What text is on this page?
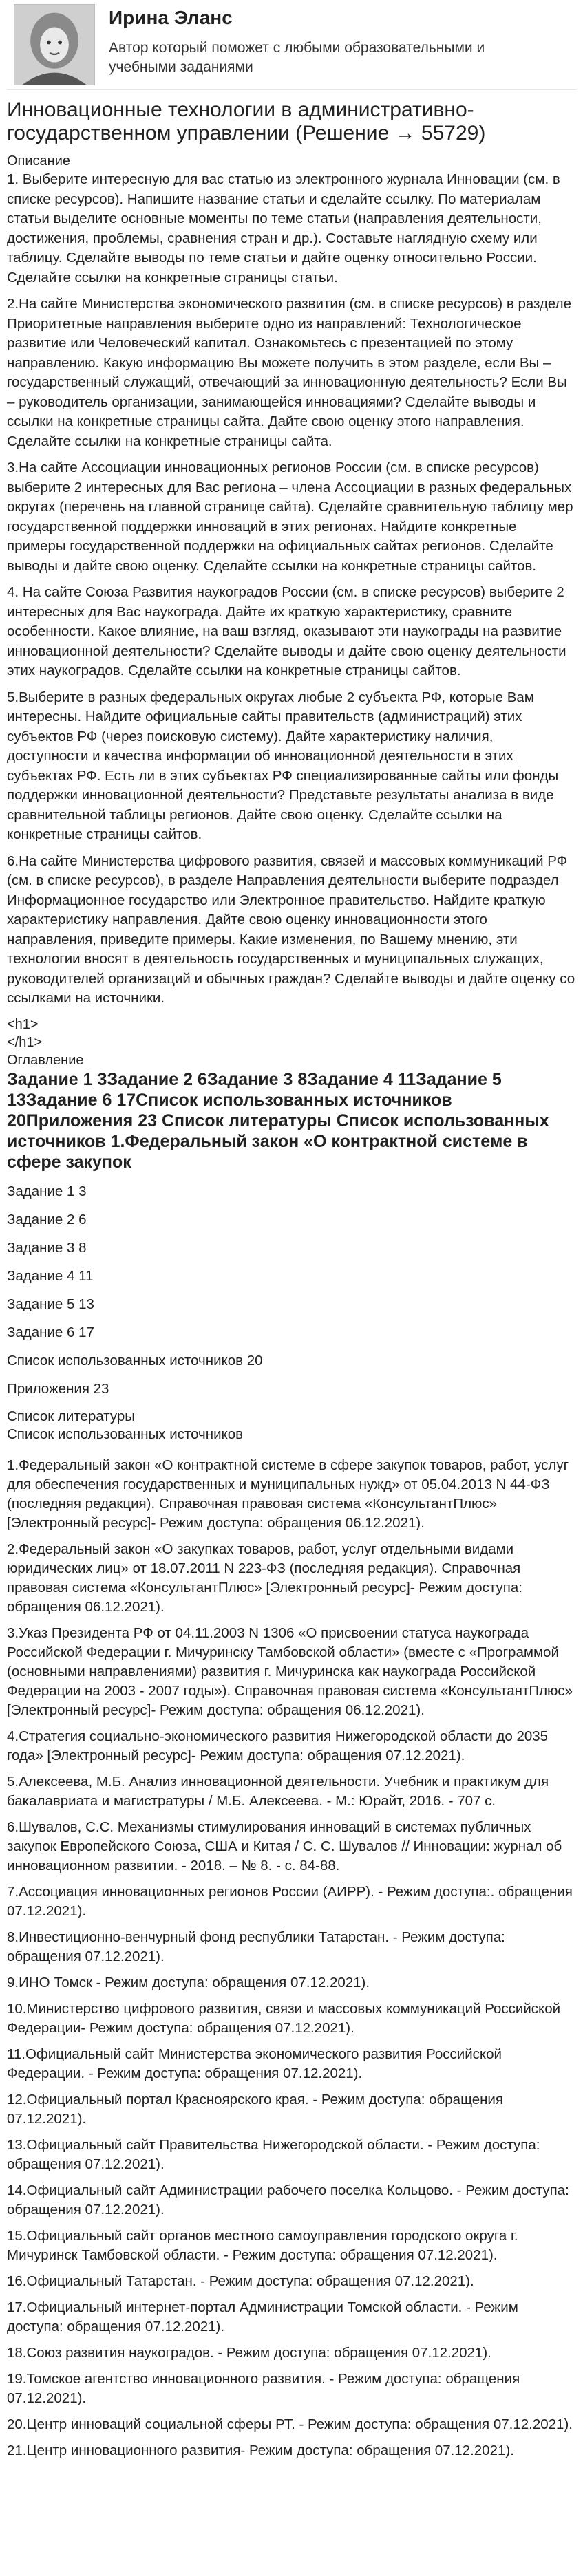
Ирина Эланс
Автор который поможет с любыми образовательными и учебными заданиями
Инновационные технологии в административно-государственном управлении (Решение → 55729)
Описание

1. Выберите интересную для вас статью из электронного журнала Инновации (см. в списке ресурсов). Напишите название статьи и сделайте ссылку. По материалам статьи выделите основные моменты по теме статьи (направления деятельности, достижения, проблемы, сравнения стран и др.). Составьте наглядную схему или таблицу. Сделайте выводы по теме статьи и дайте оценку относительно России. Сделайте ссылки на конкретные страницы статьи.

2.На сайте Министерства экономического развития (см. в списке ресурсов) в разделе Приоритетные направления выберите одно из направлений: Технологическое развитие или Человеческий капитал. Ознакомьтесь с презентацией по этому направлению. Какую информацию Вы можете получить в этом разделе, если Вы – государственный служащий, отвечающий за инновационную деятельность? Если Вы – руководитель организации, занимающейся инновациями? Сделайте выводы и ссылки на конкретные страницы сайта. Дайте свою оценку этого направления. Сделайте ссылки на конкретные страницы сайта.

3.На сайте Ассоциации инновационных регионов России (см. в списке ресурсов) выберите 2 интересных для Вас региона – члена Ассоциации в разных федеральных округах (перечень на главной странице сайта). Сделайте сравнительную таблицу мер государственной поддержки инноваций в этих регионах. Найдите конкретные примеры государственной поддержки на официальных сайтах регионов. Сделайте выводы и дайте свою оценку. Сделайте ссылки на конкретные страницы сайтов.

4. На сайте Союза Развития наукоградов России (см. в списке ресурсов) выберите 2 интересных для Вас наукограда. Дайте их краткую характеристику, сравните особенности. Какое влияние, на ваш взгляд, оказывают эти наукограды на развитие инновационной деятельности? Сделайте выводы и дайте свою оценку деятельности этих наукоградов. Сделайте ссылки на конкретные страницы сайтов.

5.Выберите в разных федеральных округах любые 2 субъекта РФ, которые Вам интересны. Найдите официальные сайты правительств (администраций) этих субъектов РФ (через поисковую систему). Дайте характеристику наличия, доступности и качества информации об инновационной деятельности в этих субъектах РФ. Есть ли в этих субъектах РФ специализированные сайты или фонды поддержки инновационной деятельности? Представьте результаты анализа в виде сравнительной таблицы регионов. Дайте свою оценку. Сделайте ссылки на конкретные страницы сайтов.

6.На сайте Министерства цифрового развития, связей и массовых коммуникаций РФ (см. в списке ресурсов), в разделе Направления деятельности выберите подраздел Информационное государство или Электронное правительство. Найдите краткую характеристику направления. Дайте свою оценку инновационности этого направления, приведите примеры. Какие изменения, по Вашему мнению, эти технологии вносят в деятельность государственных и муниципальных служащих, руководителей организаций и обычных граждан? Сделайте выводы и дайте оценку со ссылками на источники.

<h1>
</h1>
Оглавление
Задание 1 3Задание 2 6Задание 3 8Задание 4 11Задание 5 13Задание 6 17Список использованных источников 20Приложения 23 Список литературы Список использованных источников 1.Федеральный закон «О контрактной системе в сфере закупок
Задание 1 3
Задание 2 6
Задание 3 8
Задание 4 11
Задание 5 13
Задание 6 17
Список использованных источников 20
Приложения 23
Список литературы
Список использованных источников

1.Федеральный закон «О контрактной системе в сфере закупок товаров, работ, услуг для обеспечения государственных и муниципальных нужд» от 05.04.2013 N 44-ФЗ (последняя редакция). Справочная правовая система «КонсультантПлюс» [Электронный ресурс]- Режим доступа: обращения 06.12.2021).

2.Федеральный закон «О закупках товаров, работ, услуг отдельными видами юридических лиц» от 18.07.2011 N 223-ФЗ (последняя редакция). Справочная правовая система «КонсультантПлюс» [Электронный ресурс]- Режим доступа: обращения 06.12.2021).

3.Указ Президента РФ от 04.11.2003 N 1306 «О присвоении статуса наукограда Российской Федерации г. Мичуринску Тамбовской области» (вместе с «Программой (основными направлениями) развития г. Мичуринска как наукограда Российской Федерации на 2003 - 2007 годы»). Справочная правовая система «КонсультантПлюс» [Электронный ресурс]- Режим доступа: обращения 06.12.2021).

4.Стратегия социально-экономического развития Нижегородской области до 2035 года» [Электронный ресурс]- Режим доступа: обращения 07.12.2021).

5.Алексеева, М.Б. Анализ инновационной деятельности. Учебник и практикум для бакалавриата и магистратуры / М.Б. Алексеева. - М.: Юрайт, 2016. - 707 с.

6.Шувалов, С.С. Механизмы стимулирования инноваций в системах публичных закупок Европейского Союза, США и Китая / С. С. Шувалов // Инновации: журнал об инновационном развитии. - 2018. – № 8. - с. 84-88.

7.Ассоциация инновационных регионов России (АИРР). - Режим доступа:. обращения 07.12.2021).

8.Инвестиционно-венчурный фонд республики Татарстан. - Режим доступа: обращения 07.12.2021).

9.ИНО Томск - Режим доступа: обращения 07.12.2021).

10.Министерство цифрового развития, связи и массовых коммуникаций Российской Федерации- Режим доступа: обращения 07.12.2021).

11.Официальный сайт Министерства экономического развития Российской Федерации. - Режим доступа: обращения 07.12.2021).

12.Официальный портал Красноярского края. - Режим доступа: обращения 07.12.2021).

13.Официальный сайт Правительства Нижегородской области. - Режим доступа: обращения 07.12.2021).

14.Официальный сайт Администрации рабочего поселка Кольцово. - Режим доступа: обращения 07.12.2021).

15.Официальный сайт органов местного самоуправления городского округа г. Мичуринск Тамбовской области. - Режим доступа: обращения 07.12.2021).

16.Официальный Татарстан. - Режим доступа: обращения 07.12.2021).

17.Официальный интернет-портал Администрации Томской области. - Режим доступа: обращения 07.12.2021).

18.Союз развития наукоградов. - Режим доступа: обращения 07.12.2021).

19.Томское агентство инновационного развития. - Режим доступа: обращения 07.12.2021).

20.Центр инноваций социальной сферы РТ. - Режим доступа: обращения 07.12.2021).

21.Центр инновационного развития- Режим доступа: обращения 07.12.2021).
